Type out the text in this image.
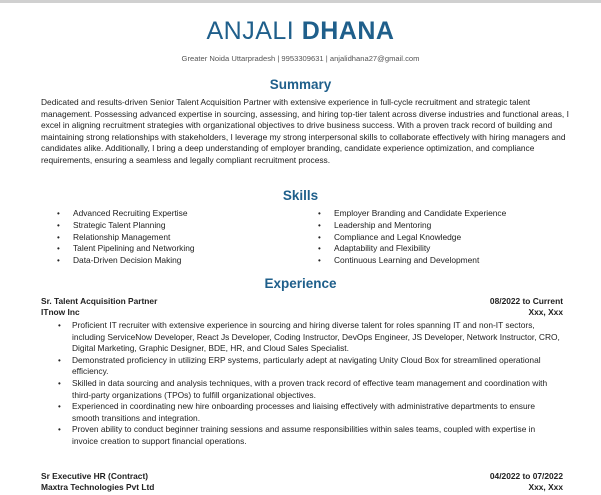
ANJALI DHANA
Greater Noida Uttarpradesh | 9953309631 | anjalidhana27@gmail.com
Summary
Dedicated and results-driven Senior Talent Acquisition Partner with extensive experience in full-cycle recruitment and strategic talent management. Possessing advanced expertise in sourcing, assessing, and hiring top-tier talent across diverse industries and functional areas, I excel in aligning recruitment strategies with organizational objectives to drive business success. With a proven track record of building and maintaining strong relationships with stakeholders, I leverage my strong interpersonal skills to collaborate effectively with hiring managers and candidates alike. Additionally, I bring a deep understanding of employer branding, candidate experience optimization, and compliance requirements, ensuring a seamless and legally compliant recruitment process.
Skills
• Advanced Recruiting Expertise
• Strategic Talent Planning
• Relationship Management
• Talent Pipelining and Networking
• Data-Driven Decision Making
• Employer Branding and Candidate Experience
• Leadership and Mentoring
• Compliance and Legal Knowledge
• Adaptability and Flexibility
• Continuous Learning and Development
Experience
Sr. Talent Acquisition Partner	08/2022 to Current
ITnow Inc	Xxx, Xxx
• Proficient IT recruiter with extensive experience in sourcing and hiring diverse talent for roles spanning IT and non-IT sectors, including ServiceNow Developer, React Js Developer, Coding Instructor, DevOps Engineer, JS Developer, Network Instructor, CRO, Digital Marketing, Graphic Designer, BDE, HR, and Cloud Sales Specialist.
• Demonstrated proficiency in utilizing ERP systems, particularly adept at navigating Unity Cloud Box for streamlined operational efficiency.
• Skilled in data sourcing and analysis techniques, with a proven track record of effective team management and coordination with third-party organizations (TPOs) to fulfill organizational objectives.
• Experienced in coordinating new hire onboarding processes and liaising effectively with administrative departments to ensure smooth transitions and integration.
• Proven ability to conduct beginner training sessions and assume responsibilities within sales teams, coupled with expertise in invoice creation to support financial operations.
Sr Executive HR (Contract)	04/2022 to 07/2022
Maxtra Technologies Pvt Ltd	Xxx, Xxx
